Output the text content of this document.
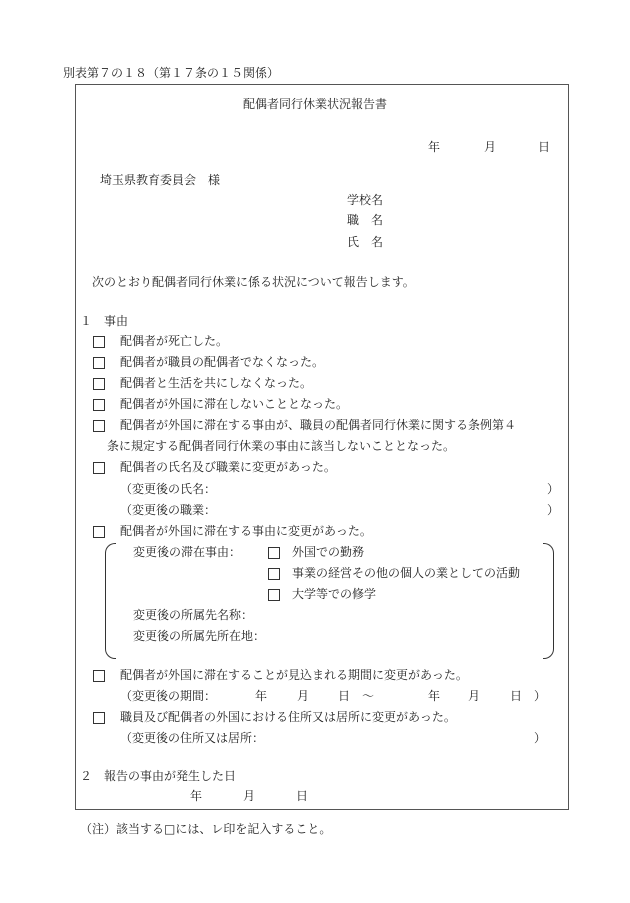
別表第７の１８（第１７条の１５関係）
配偶者同行休業状況報告書
年	月	日
埼玉県教育委員会　様
学校名
職　名
氏　名
次のとおり配偶者同行休業に係る状況について報告します。
１　事由
配偶者が死亡した。
配偶者が職員の配偶者でなくなった。
配偶者と生活を共にしなくなった。
配偶者が外国に滞在しないこととなった。
配偶者が外国に滞在する事由が、職員の配偶者同行休業に関する条例第４
条に規定する配偶者同行休業の事由に該当しないこととなった。
配偶者の氏名及び職業に変更があった。
（変更後の氏名：	）
（変更後の職業：	）
配偶者が外国に滞在する事由に変更があった。
変更後の滞在事由：	外国での勤務
事業の経営その他の個人の業としての活動
大学等での修学
変更後の所属先名称：
変更後の所属先所在地：
配偶者が外国に滞在することが見込まれる期間に変更があった。
（変更後の期間：	年 月 日 ～	年 月 日 ）
職員及び配偶者の外国における住所又は居所に変更があった。
（変更後の住所又は居所：	）
２　報告の事由が発生した日
年	月	日
（注）該当する□には、レ印を記入すること。
